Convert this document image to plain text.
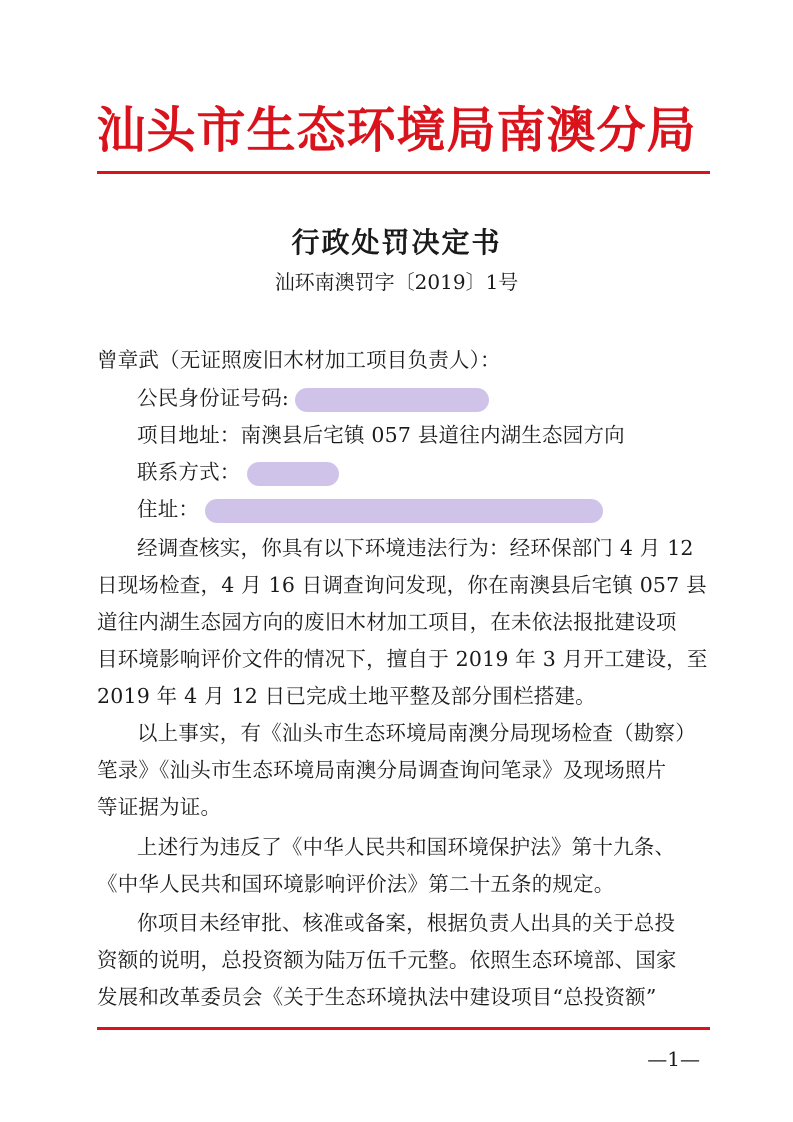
汕头市生态环境局南澳分局
行政处罚决定书
汕环南澳罚字〔2019〕1号
曾章武（无证照废旧木材加工项目负责人）：
公民身份证号码:
项目地址：南澳县后宅镇 057 县道往内湖生态园方向
联系方式：
住址：
经调查核实，你具有以下环境违法行为：经环保部门 4 月 12
日现场检查，4 月 16 日调查询问发现，你在南澳县后宅镇 057 县
道往内湖生态园方向的废旧木材加工项目，在未依法报批建设项
目环境影响评价文件的情况下，擅自于 2019 年 3 月开工建设，至
2019 年 4 月 12 日已完成土地平整及部分围栏搭建。
以上事实，有《汕头市生态环境局南澳分局现场检查（勘察）
笔录》《汕头市生态环境局南澳分局调查询问笔录》及现场照片
等证据为证。
上述行为违反了《中华人民共和国环境保护法》第十九条、
《中华人民共和国环境影响评价法》第二十五条的规定。
你项目未经审批、核准或备案，根据负责人出具的关于总投
资额的说明，总投资额为陆万伍千元整。依照生态环境部、国家
发展和改革委员会《关于生态环境执法中建设项目“总投资额”
—1—
